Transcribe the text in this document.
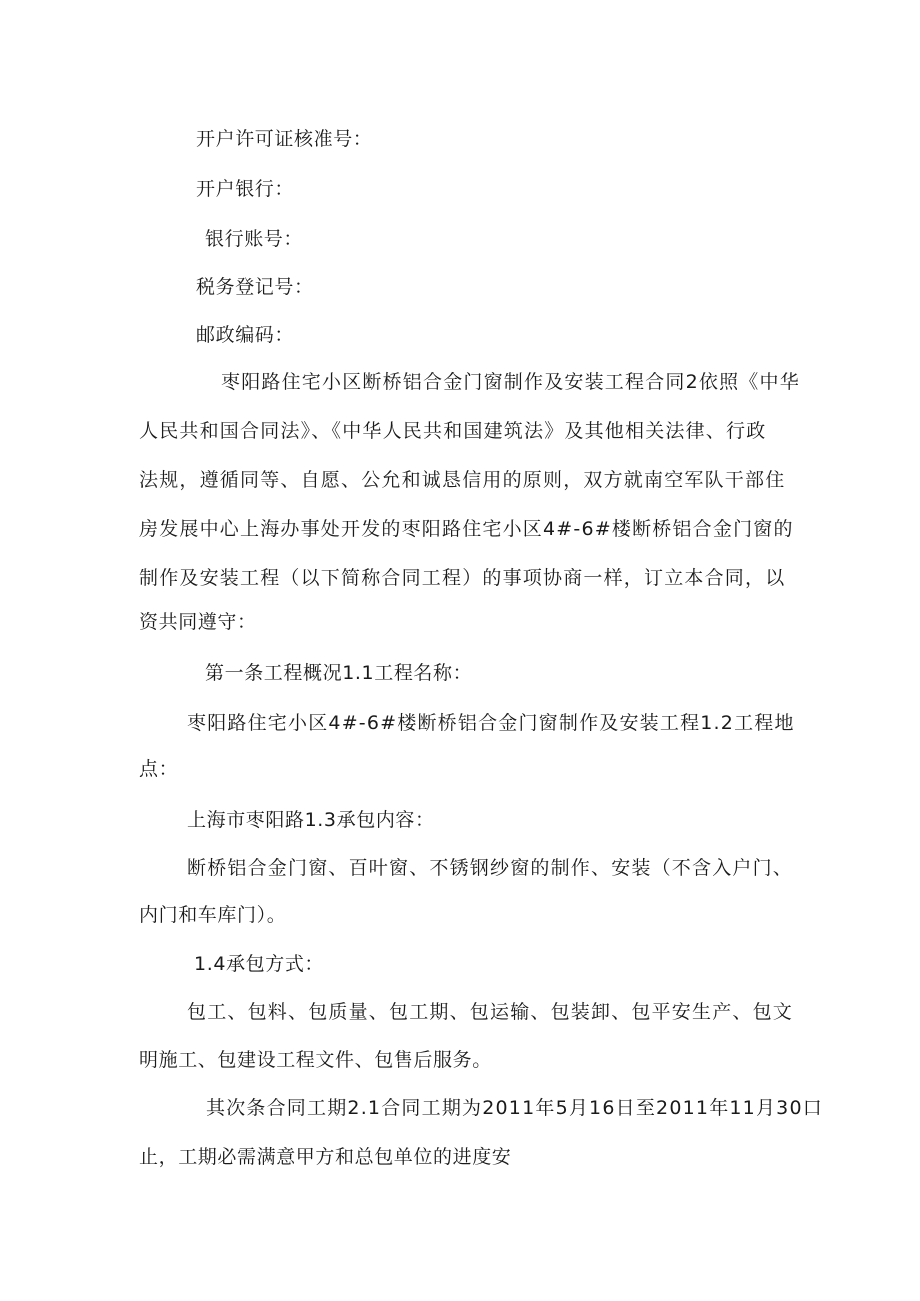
开户许可证核准号：
开户银行：
银行账号：
税务登记号：
邮政编码：
枣阳路住宅小区断桥铝合金门窗制作及安装工程合同2依照《中华
人民共和国合同法》、《中华人民共和国建筑法》及其他相关法律、行政
法规，遵循同等、自愿、公允和诚恳信用的原则，双方就南空军队干部住
房发展中心上海办事处开发的枣阳路住宅小区4#-6#楼断桥铝合金门窗的
制作及安装工程（以下简称合同工程）的事项协商一样，订立本合同，以
资共同遵守：
第一条工程概况1.1工程名称：
枣阳路住宅小区4#-6#楼断桥铝合金门窗制作及安装工程1.2工程地
点：
上海市枣阳路1.3承包内容：
断桥铝合金门窗、百叶窗、不锈钢纱窗的制作、安装（不含入户门、
内门和车库门）。
1.4承包方式：
包工、包料、包质量、包工期、包运输、包装卸、包平安生产、包文
明施工、包建设工程文件、包售后服务。
其次条合同工期2.1合同工期为2011年5月16日至2011年11月30口
止，工期必需满意甲方和总包单位的进度安
